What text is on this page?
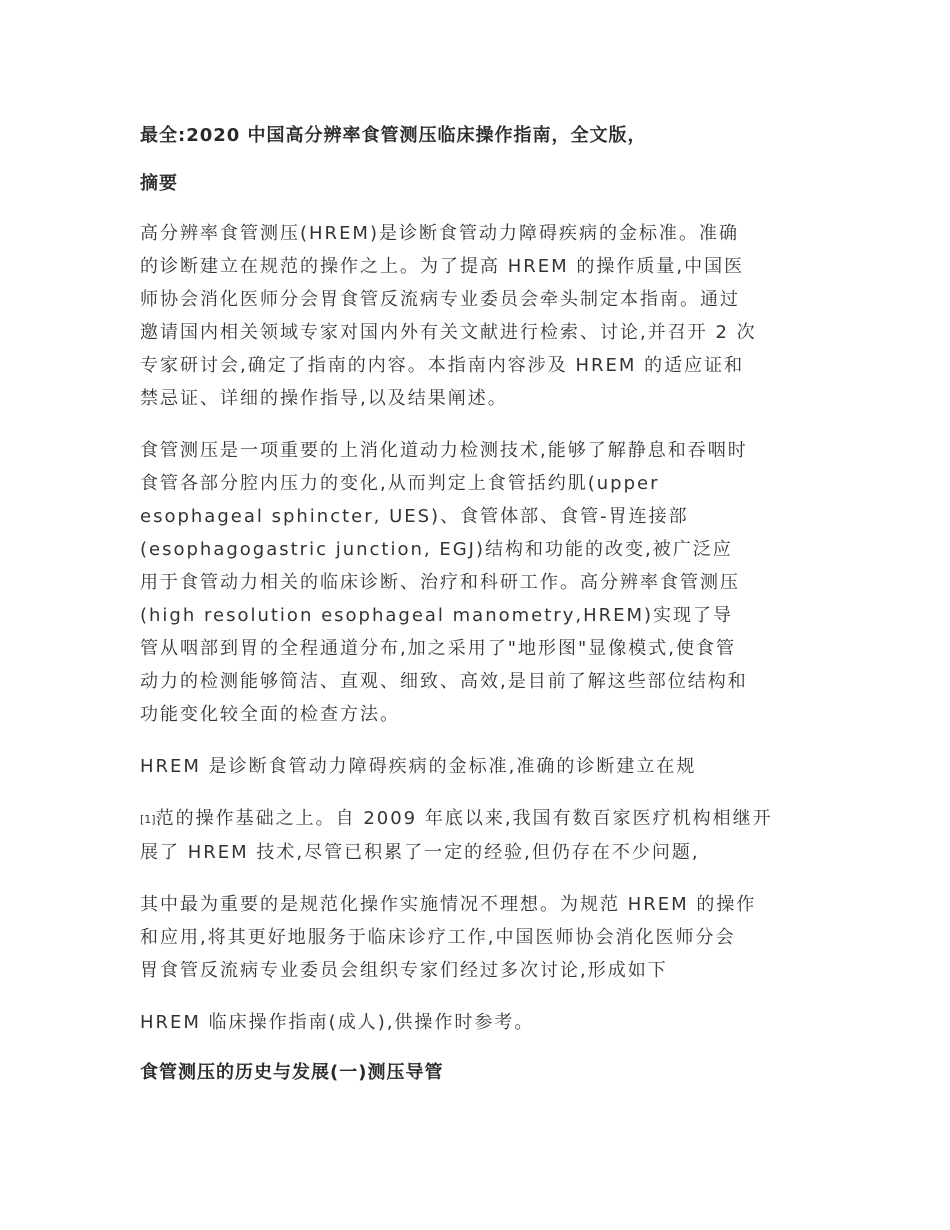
最全:2020 中国高分辨率食管测压临床操作指南，全文版，
摘要

高分辨率食管测压(HREM)是诊断食管动力障碍疾病的金标准。准确
的诊断建立在规范的操作之上。为了提高 HREM 的操作质量,中国医
师协会消化医师分会胃食管反流病专业委员会牵头制定本指南。通过
邀请国内相关领域专家对国内外有关文献进行检索、讨论,并召开 2 次
专家研讨会,确定了指南的内容。本指南内容涉及 HREM 的适应证和
禁忌证、详细的操作指导,以及结果阐述。

食管测压是一项重要的上消化道动力检测技术,能够了解静息和吞咽时
食管各部分腔内压力的变化,从而判定上食管括约肌(upper
esophageal sphincter, UES)、食管体部、食管-胃连接部
(esophagogastric junction, EGJ)结构和功能的改变,被广泛应
用于食管动力相关的临床诊断、治疗和科研工作。高分辨率食管测压
(high resolution esophageal manometry,HREM)实现了导
管从咽部到胃的全程通道分布,加之采用了"地形图"显像模式,使食管
动力的检测能够简洁、直观、细致、高效,是目前了解这些部位结构和
功能变化较全面的检查方法。

HREM 是诊断食管动力障碍疾病的金标准,准确的诊断建立在规

[1]范的操作基础之上。自 2009 年底以来,我国有数百家医疗机构相继开
展了 HREM 技术,尽管已积累了一定的经验,但仍存在不少问题,

其中最为重要的是规范化操作实施情况不理想。为规范 HREM 的操作
和应用,将其更好地服务于临床诊疗工作,中国医师协会消化医师分会
胃食管反流病专业委员会组织专家们经过多次讨论,形成如下

HREM 临床操作指南(成人),供操作时参考。

食管测压的历史与发展(一)测压导管
